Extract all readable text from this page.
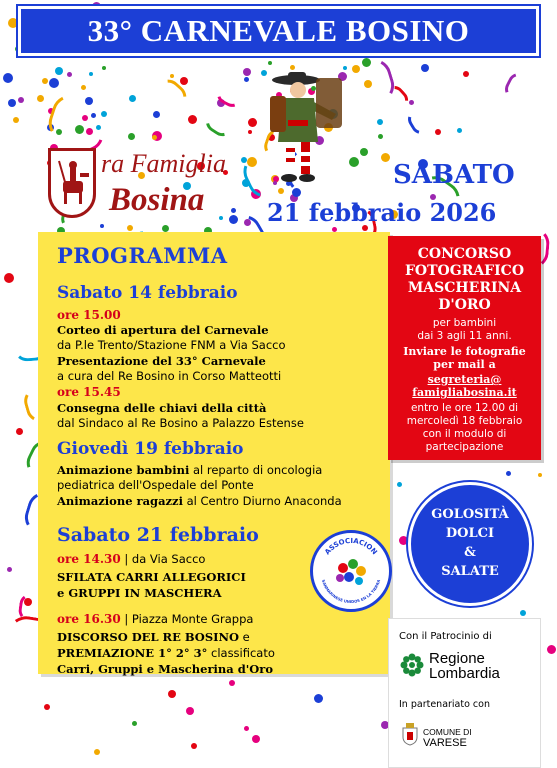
33° CARNEVALE BOSINO
ra Famiglia
Bosina
SABATO
21 febbraio 2026
PROGRAMMA
Sabato 14 febbraio
ore 15.00
Corteo di apertura del Carnevale
da P.le Trento/Stazione FNM a Via Sacco
Presentazione del 33° Carnevale
a cura del Re Bosino in Corso Matteotti
ore 15.45
Consegna delle chiavi della città
dal Sindaco al Re Bosino a Palazzo Estense
Giovedì 19 febbraio
Animazione bambini al reparto di oncologia
pediatrica dell'Ospedale del Ponte
Animazione ragazzi al Centro Diurno Anaconda
Sabato 21 febbraio
ore 14.30 | da Via Sacco
SFILATA CARRI ALLEGORICI
e GRUPPI IN MASCHERA
ore 16.30 | Piazza Monte Grappa
DISCORSO DEL RE BOSINO e
PREMIAZIONE 1° 2° 3° classificato
Carri, Gruppi e Mascherina d'Oro
CONCORSO
FOTOGRAFICO
MASCHERINA
D'ORO
per bambini
dai 3 agli 11 anni.
Inviare le fotografie
per mail a
segreteria@
famigliabosina.it
entro le ore 12.00 di
mercoledì 18 febbraio
con il modulo di
partecipazione
GOLOSITÀ
DOLCI
&
SALATE
ASSOCIACION
SANMARINESE UNIDOS EN LA TIERRA
Con il Patrocinio di
Regione
Lombardia
In partenariato con
COMUNE DI
VARESE
